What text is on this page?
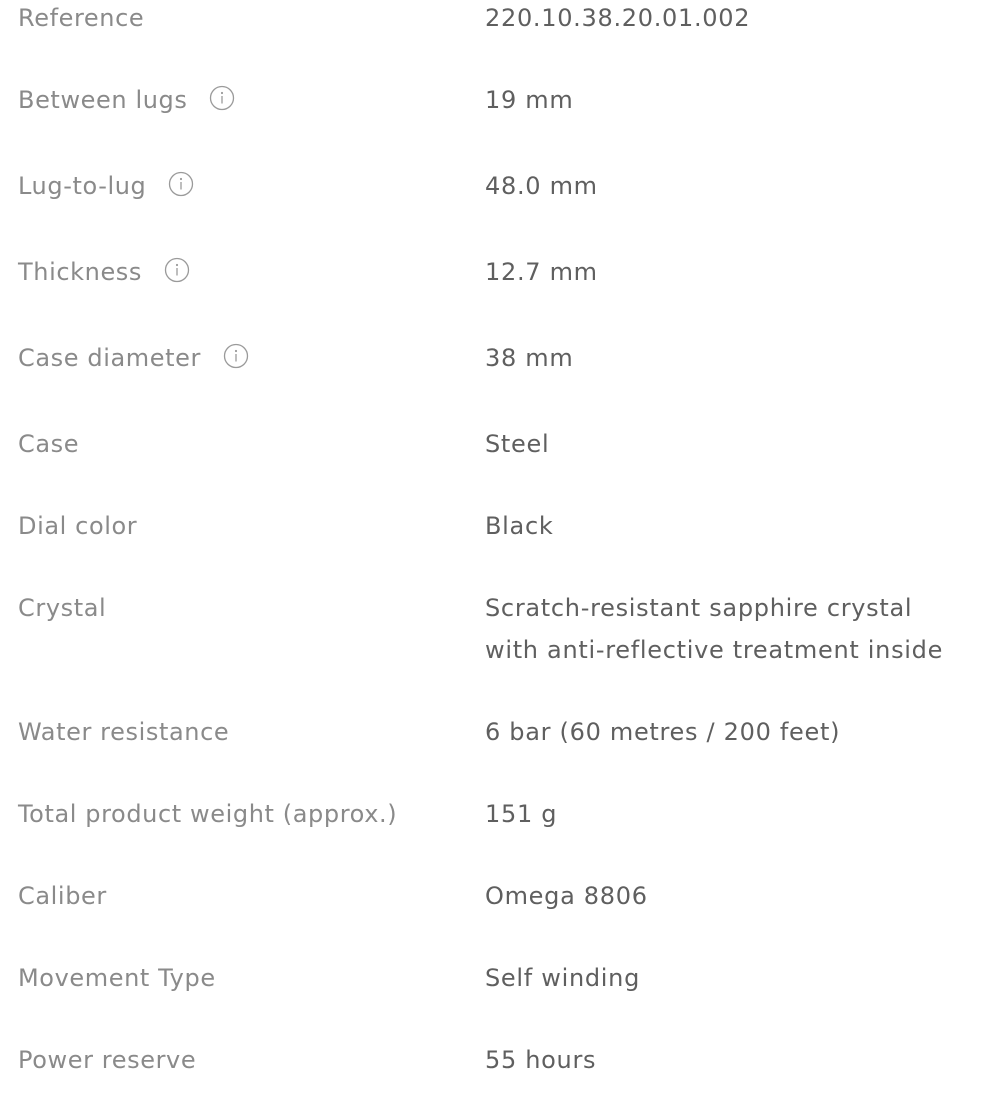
Reference	220.10.38.20.01.002
Between lugs	19 mm
Lug-to-lug	48.0 mm
Thickness	12.7 mm
Case diameter	38 mm
Case	Steel
Dial color	Black
Crystal	Scratch-resistant sapphire crystal
with anti-reflective treatment inside
Water resistance	6 bar (60 metres / 200 feet)
Total product weight (approx.)	151 g
Caliber	Omega 8806
Movement Type	Self winding
Power reserve	55 hours
